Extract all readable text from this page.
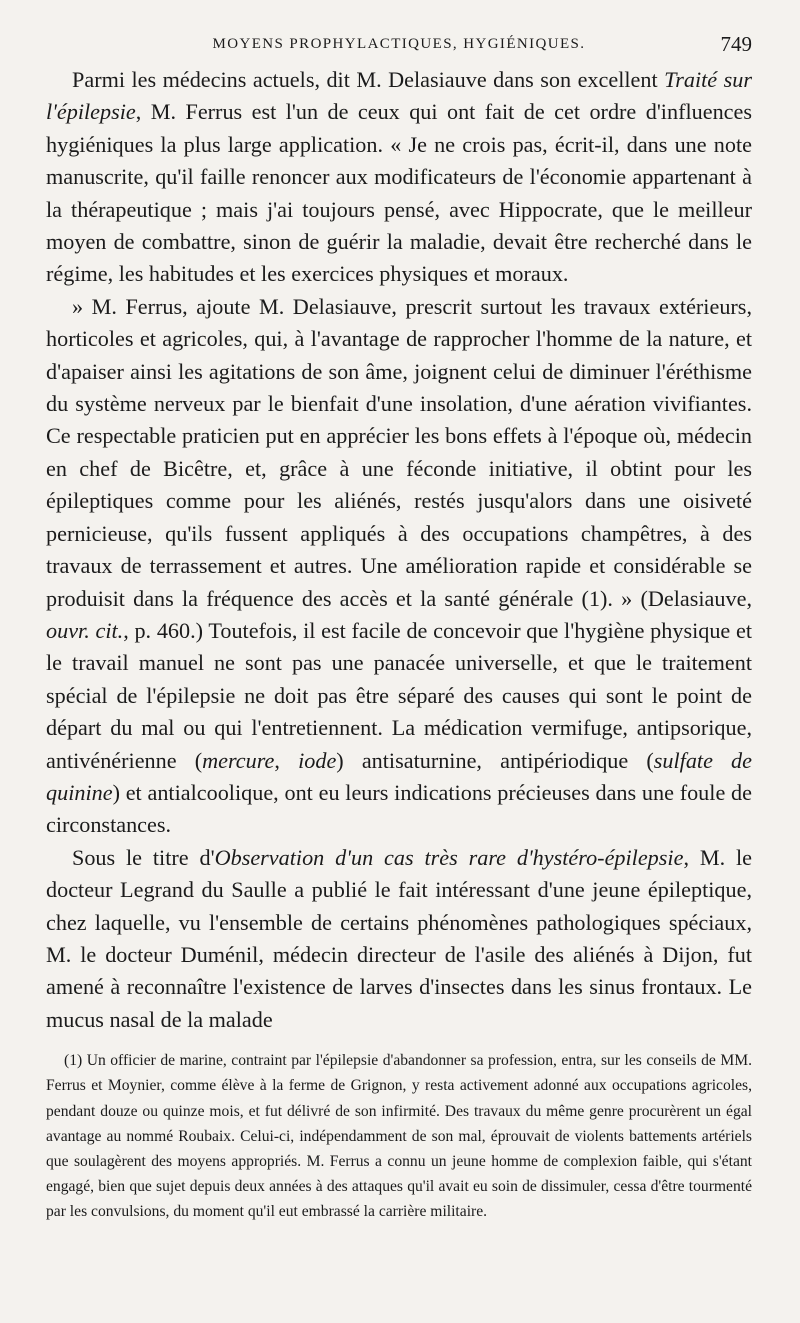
MOYENS PROPHYLACTIQUES, HYGIÉNIQUES.	749

Parmi les médecins actuels, dit M. Delasiauve dans son excellent Traité sur l'épilepsie, M. Ferrus est l'un de ceux qui ont fait de cet ordre d'influences hygiéniques la plus large application. « Je ne crois pas, écrit-il, dans une note manuscrite, qu'il faille renoncer aux modificateurs de l'économie appartenant à la thérapeutique ; mais j'ai toujours pensé, avec Hippocrate, que le meilleur moyen de combattre, sinon de guérir la maladie, devait être recherché dans le régime, les habitudes et les exercices physiques et moraux.

» M. Ferrus, ajoute M. Delasiauve, prescrit surtout les travaux extérieurs, horticoles et agricoles, qui, à l'avantage de rapprocher l'homme de la nature, et d'apaiser ainsi les agitations de son âme, joignent celui de diminuer l'éréthisme du système nerveux par le bienfait d'une insolation, d'une aération vivifiantes. Ce respectable praticien put en apprécier les bons effets à l'époque où, médecin en chef de Bicêtre, et, grâce à une féconde initiative, il obtint pour les épileptiques comme pour les aliénés, restés jusqu'alors dans une oisiveté pernicieuse, qu'ils fussent appliqués à des occupations champêtres, à des travaux de terrassement et autres. Une amélioration rapide et considérable se produisit dans la fréquence des accès et la santé générale (1). » (Delasiauve, ouvr. cit., p. 460.) Toutefois, il est facile de concevoir que l'hygiène physique et le travail manuel ne sont pas une panacée universelle, et que le traitement spécial de l'épilepsie ne doit pas être séparé des causes qui sont le point de départ du mal ou qui l'entretiennent. La médication vermifuge, antipsorique, antivénérienne (mercure, iode) antisaturnine, antipériodique (sulfate de quinine) et antialcoolique, ont eu leurs indications précieuses dans une foule de circonstances.

Sous le titre d'Observation d'un cas très rare d'hystéro-épilepsie, M. le docteur Legrand du Saulle a publié le fait intéressant d'une jeune épileptique, chez laquelle, vu l'ensemble de certains phénomènes pathologiques spéciaux, M. le docteur Duménil, médecin directeur de l'asile des aliénés à Dijon, fut amené à reconnaître l'existence de larves d'insectes dans les sinus frontaux. Le mucus nasal de la malade

(1) Un officier de marine, contraint par l'épilepsie d'abandonner sa profession, entra, sur les conseils de MM. Ferrus et Moynier, comme élève à la ferme de Grignon, y resta activement adonné aux occupations agricoles, pendant douze ou quinze mois, et fut délivré de son infirmité. Des travaux du même genre procurèrent un égal avantage au nommé Roubaix. Celui-ci, indépendamment de son mal, éprouvait de violents battements artériels que soulagèrent des moyens appropriés. M. Ferrus a connu un jeune homme de complexion faible, qui s'étant engagé, bien que sujet depuis deux années à des attaques qu'il avait eu soin de dissimuler, cessa d'être tourmenté par les convulsions, du moment qu'il eut embrassé la carrière militaire.
